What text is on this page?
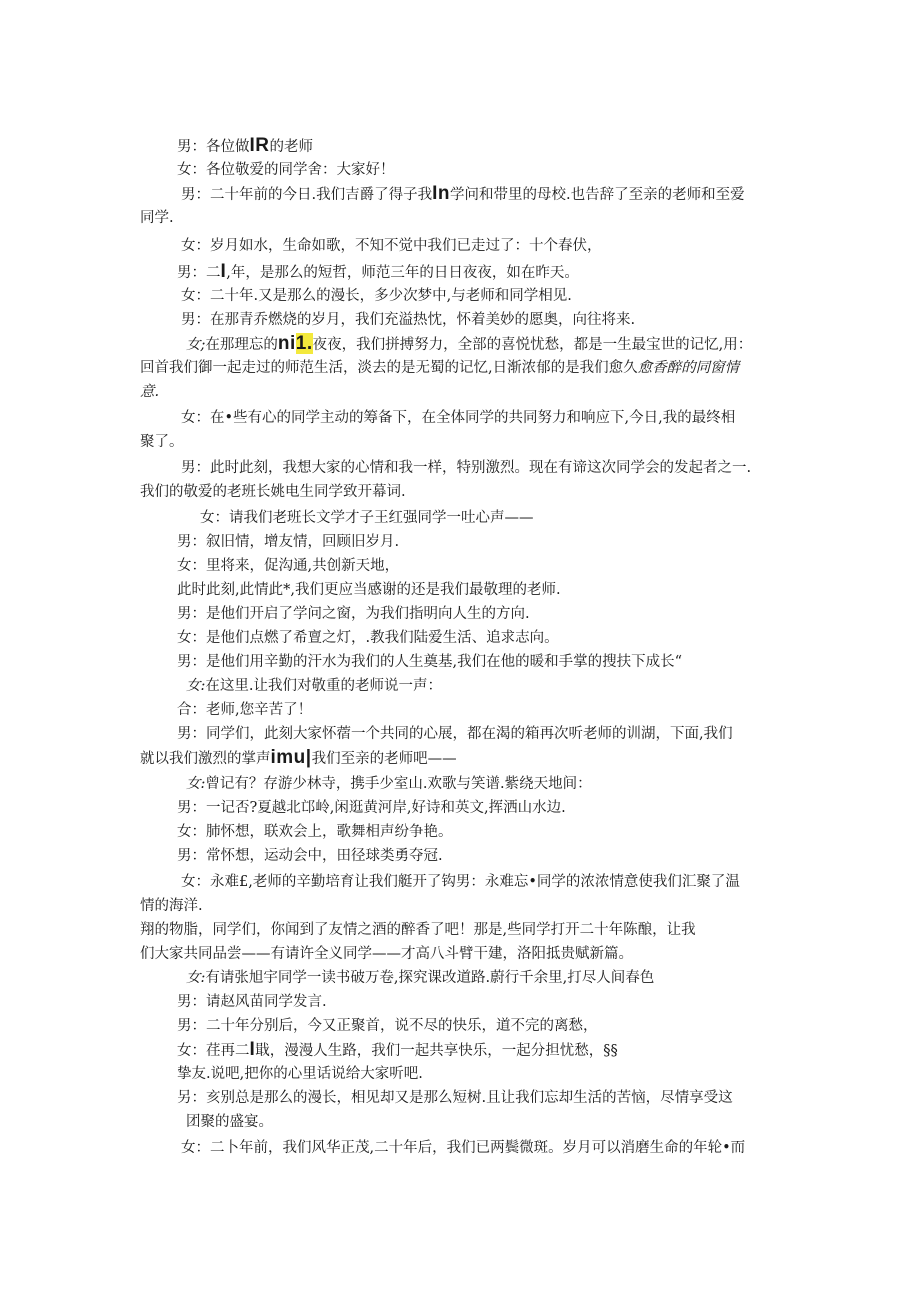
男：各位做IR的老师
女：各位敬爱的同学舍：大家好！
男：二十年前的今日.我们吉爵了得子我In学问和带里的母校.也告辞了至亲的老师和至爱
同学.
女：岁月如水，生命如歌，不知不觉中我们已走过了：十个春伏，
男：二I,年，是那么的短哲，师范三年的日日夜夜，如在昨天。
女：二十年.又是那么的漫长，多少次梦中,与老师和同学相见.
男：在那青乔燃烧的岁月，我们充溢热忱，怀着美妙的愿奥，向往将来.
女;在那理忘的ni1.夜夜，我们拼搏努力，全部的喜悦忧愁，都是一生最宝世的记忆,用：
回首我们御一起走过的师范生活，淡去的是无蜀的记忆,日渐浓郁的是我们愈久愈香醉的同窗情
意.
女：在•些有心的同学主动的筹备下，在全体同学的共同努力和响应下,今日,我的最终相
聚了。
男：此时此刻，我想大家的心情和我一样，特别激烈。现在有谛这次同学会的发起者之一.
我们的敬爱的老班长姚电生同学致开幕词.
女：请我们老班长文学才子王红强同学一吐心声——
男：叙旧情，增友情，回顾旧岁月.
女：里将来，促沟通,共创新天地，
此时此刻,此情此*,我们更应当感谢的还是我们最敬理的老师.
男：是他们开启了学问之窗，为我们指明向人生的方向.
女：是他们点燃了希亶之灯，.教我们陆爱生活、追求志向。
男：是他们用辛勤的汗水为我们的人生奠基,我们在他的暖和手掌的搜扶下成长“
女:在这里.让我们对敬重的老师说一声：
合：老师,您辛苦了！
男：同学们，此刻大家怀蓿一个共同的心展，都在渴的箱再次听老师的训湖，下面,我们
就以我们激烈的掌声imu|我们至亲的老师吧——
女:曾记有？存游少林寺，携手少室山.欢歌与笑谱.紫绕天地间：
男：一记否?夏越北邙岭,闲逛黄河岸,好诗和英文,挥洒山水边.
女：肺怀想，联欢会上，歌舞相声纷争艳。
男：常怀想，运动会中，田径球类勇夺冠.
女：永难£,老师的辛勤培育让我们艇开了钩男：永难忘•同学的浓浓情意使我们汇聚了温
情的海洋.
翔的物脂，同学们，你闻到了友情之酒的醉香了吧！那是,些同学打开二十年陈酿，让我
们大家共同品尝——有请许全义同学——才高八斗臂干建，洛阳抵贵赋新篇。
女:有请张旭宇同学一读书破万卷,探究课改道路.蔚行千余里,打尽人间春色
男：请赵风苗同学发言.
男：二十年分别后，今又正聚首，说不尽的快乐，道不完的离愁，
女：荏再二I戢，漫漫人生路，我们一起共享快乐，一起分担忧愁，§§
挚友.说吧,把你的心里话说给大家听吧.
另：亥别总是那么的漫长，相见却又是那么短树.且让我们忘却生活的苦恼，尽情享受这
团聚的盛宴。
女：二卜年前，我们风华正茂,二十年后，我们已两鬓微斑。岁月可以消磨生命的年轮•而
